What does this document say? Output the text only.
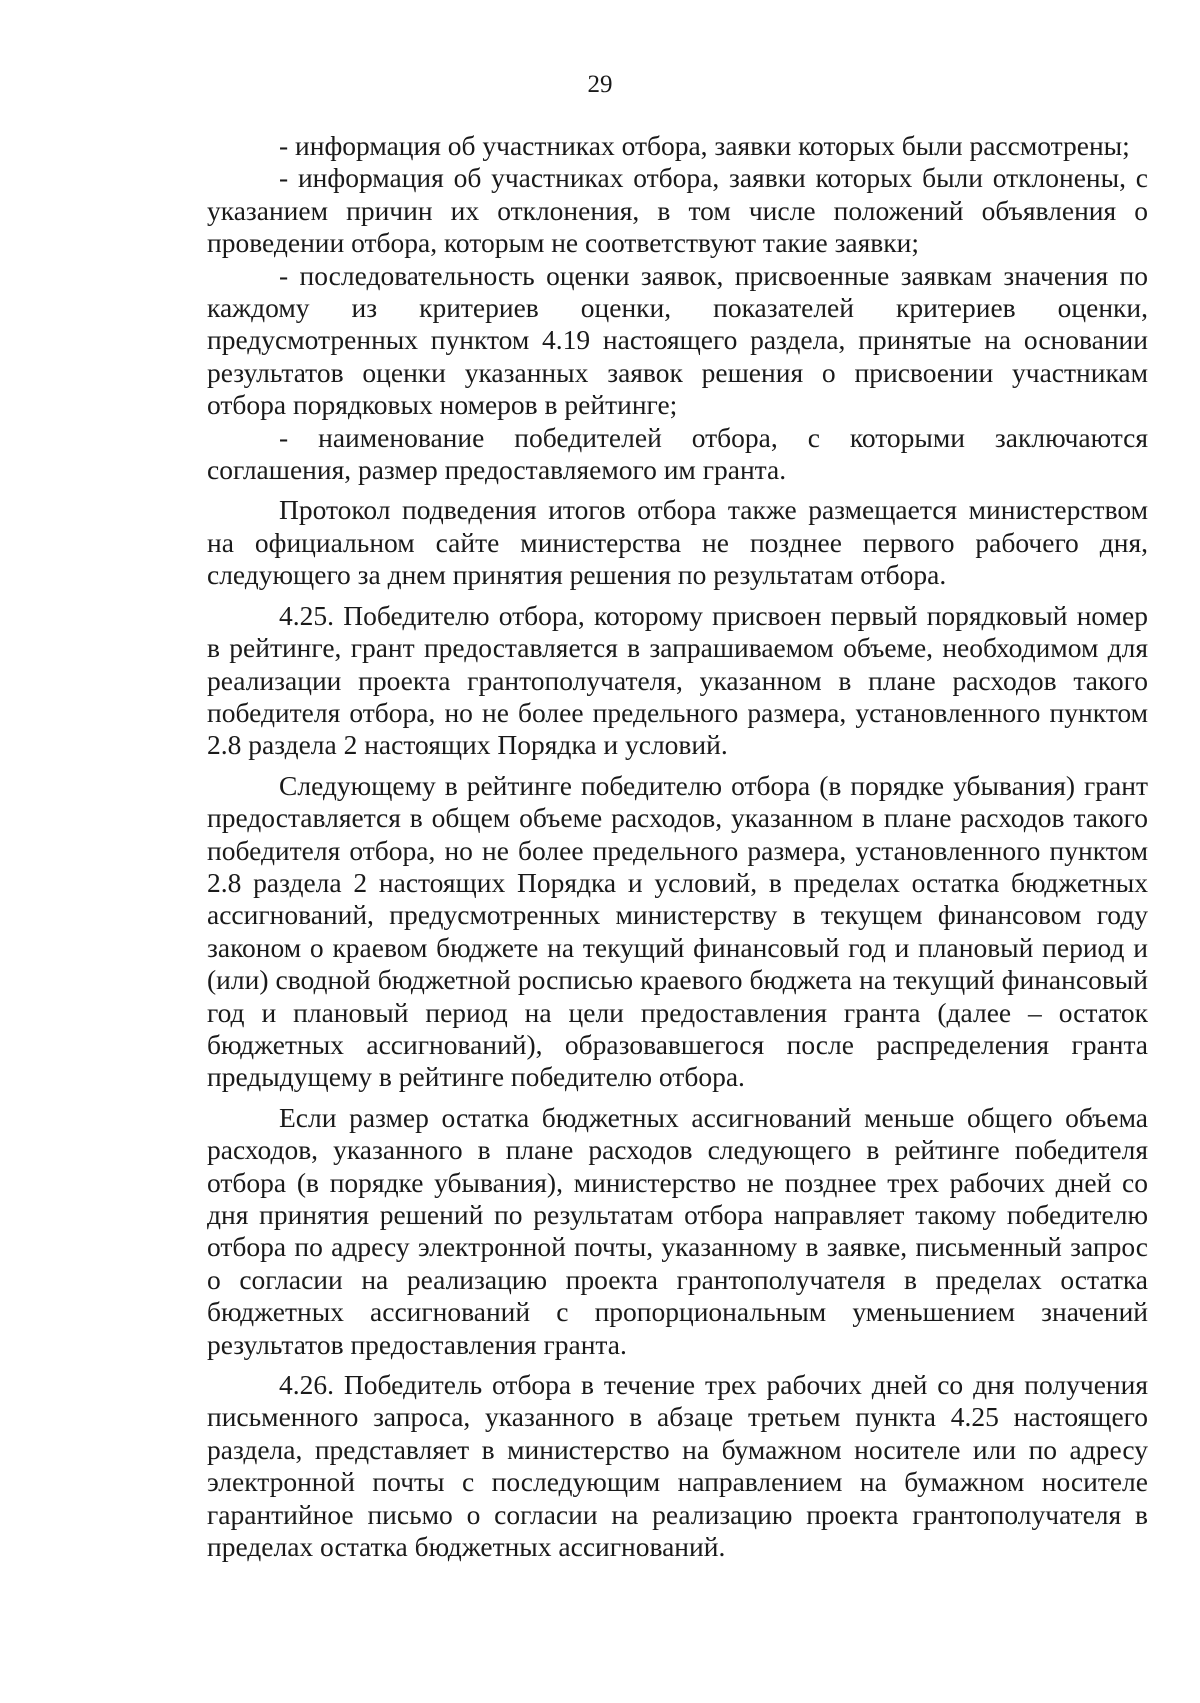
29

- информация об участниках отбора, заявки которых были рассмотрены;

- информация об участниках отбора, заявки которых были отклонены, с указанием причин их отклонения, в том числе положений объявления о проведении отбора, которым не соответствуют такие заявки;

- последовательность оценки заявок, присвоенные заявкам значения по каждому из критериев оценки, показателей критериев оценки, предусмотренных пунктом 4.19 настоящего раздела, принятые на основании результатов оценки указанных заявок решения о присвоении участникам отбора порядковых номеров в рейтинге;

- наименование победителей отбора, с которыми заключаются соглашения, размер предоставляемого им гранта.

Протокол подведения итогов отбора также размещается министерством на официальном сайте министерства не позднее первого рабочего дня, следующего за днем принятия решения по результатам отбора.

4.25. Победителю отбора, которому присвоен первый порядковый номер в рейтинге, грант предоставляется в запрашиваемом объеме, необходимом для реализации проекта грантополучателя, указанном в плане расходов такого победителя отбора, но не более предельного размера, установленного пунктом 2.8 раздела 2 настоящих Порядка и условий.

Следующему в рейтинге победителю отбора (в порядке убывания) грант предоставляется в общем объеме расходов, указанном в плане расходов такого победителя отбора, но не более предельного размера, установленного пунктом 2.8 раздела 2 настоящих Порядка и условий, в пределах остатка бюджетных ассигнований, предусмотренных министерству в текущем финансовом году законом о краевом бюджете на текущий финансовый год и плановый период и (или) сводной бюджетной росписью краевого бюджета на текущий финансовый год и плановый период на цели предоставления гранта (далее – остаток бюджетных ассигнований), образовавшегося после распределения гранта предыдущему в рейтинге победителю отбора.

Если размер остатка бюджетных ассигнований меньше общего объема расходов, указанного в плане расходов следующего в рейтинге победителя отбора (в порядке убывания), министерство не позднее трех рабочих дней со дня принятия решений по результатам отбора направляет такому победителю отбора по адресу электронной почты, указанному в заявке, письменный запрос о согласии на реализацию проекта грантополучателя в пределах остатка бюджетных ассигнований с пропорциональным уменьшением значений результатов предоставления гранта.

4.26. Победитель отбора в течение трех рабочих дней со дня получения письменного запроса, указанного в абзаце третьем пункта 4.25 настоящего раздела, представляет в министерство на бумажном носителе или по адресу электронной почты с последующим направлением на бумажном носителе гарантийное письмо о согласии на реализацию проекта грантополучателя в пределах остатка бюджетных ассигнований.
